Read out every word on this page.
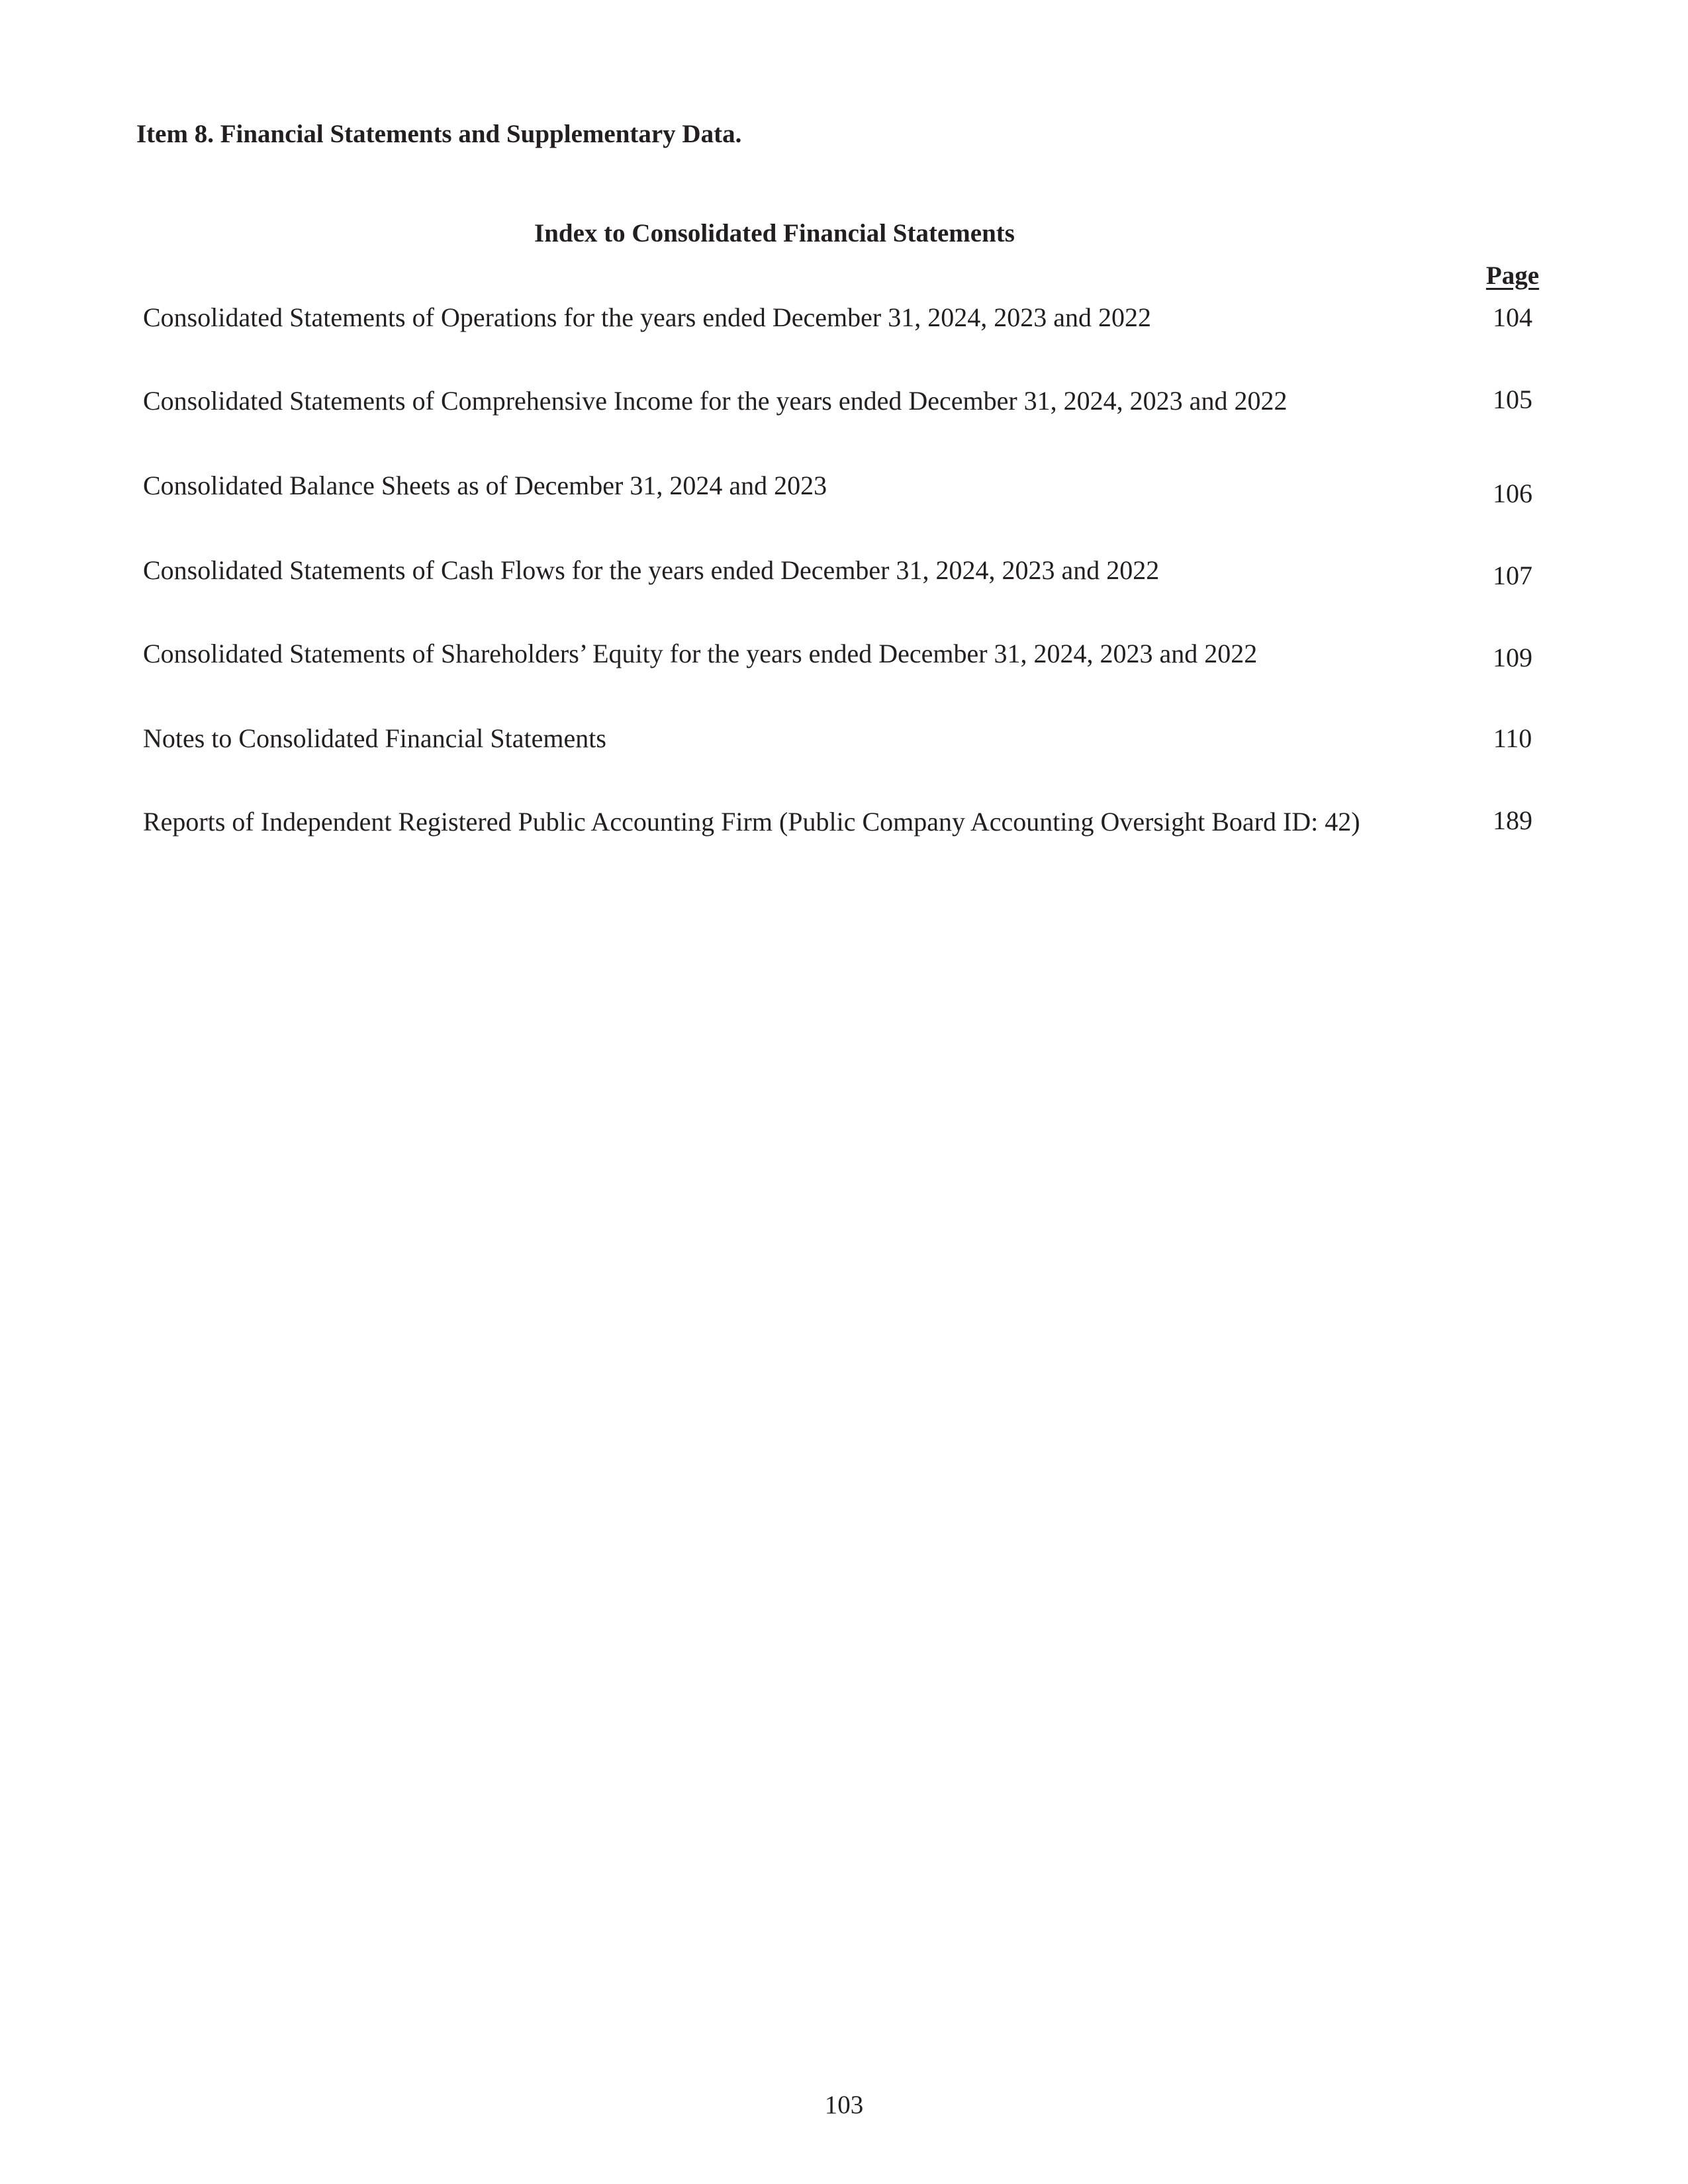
Item 8. Financial Statements and Supplementary Data.
Index to Consolidated Financial Statements
Page
Consolidated Statements of Operations for the years ended December 31, 2024, 2023 and 2022	104
Consolidated Statements of Comprehensive Income for the years ended December 31, 2024, 2023 and 2022	105
Consolidated Balance Sheets as of December 31, 2024 and 2023	106
Consolidated Statements of Cash Flows for the years ended December 31, 2024, 2023 and 2022	107
Consolidated Statements of Shareholders’ Equity for the years ended December 31, 2024, 2023 and 2022	109
Notes to Consolidated Financial Statements	110
Reports of Independent Registered Public Accounting Firm (Public Company Accounting Oversight Board ID: 42)	189
103
